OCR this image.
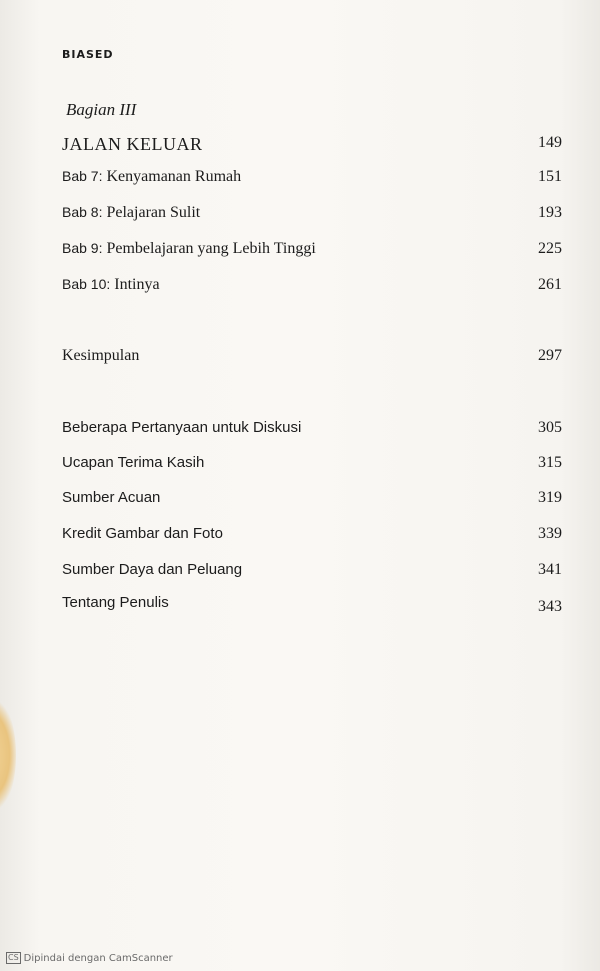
BIASED
Bagian III
JALAN KELUAR	149
Bab 7: Kenyamanan Rumah	151
Bab 8: Pelajaran Sulit	193
Bab 9: Pembelajaran yang Lebih Tinggi	225
Bab 10: Intinya	261
Kesimpulan	297
Beberapa Pertanyaan untuk Diskusi	305
Ucapan Terima Kasih	315
Sumber Acuan	319
Kredit Gambar dan Foto	339
Sumber Daya dan Peluang	341
Tentang Penulis	343
CS Dipindai dengan CamScanner
